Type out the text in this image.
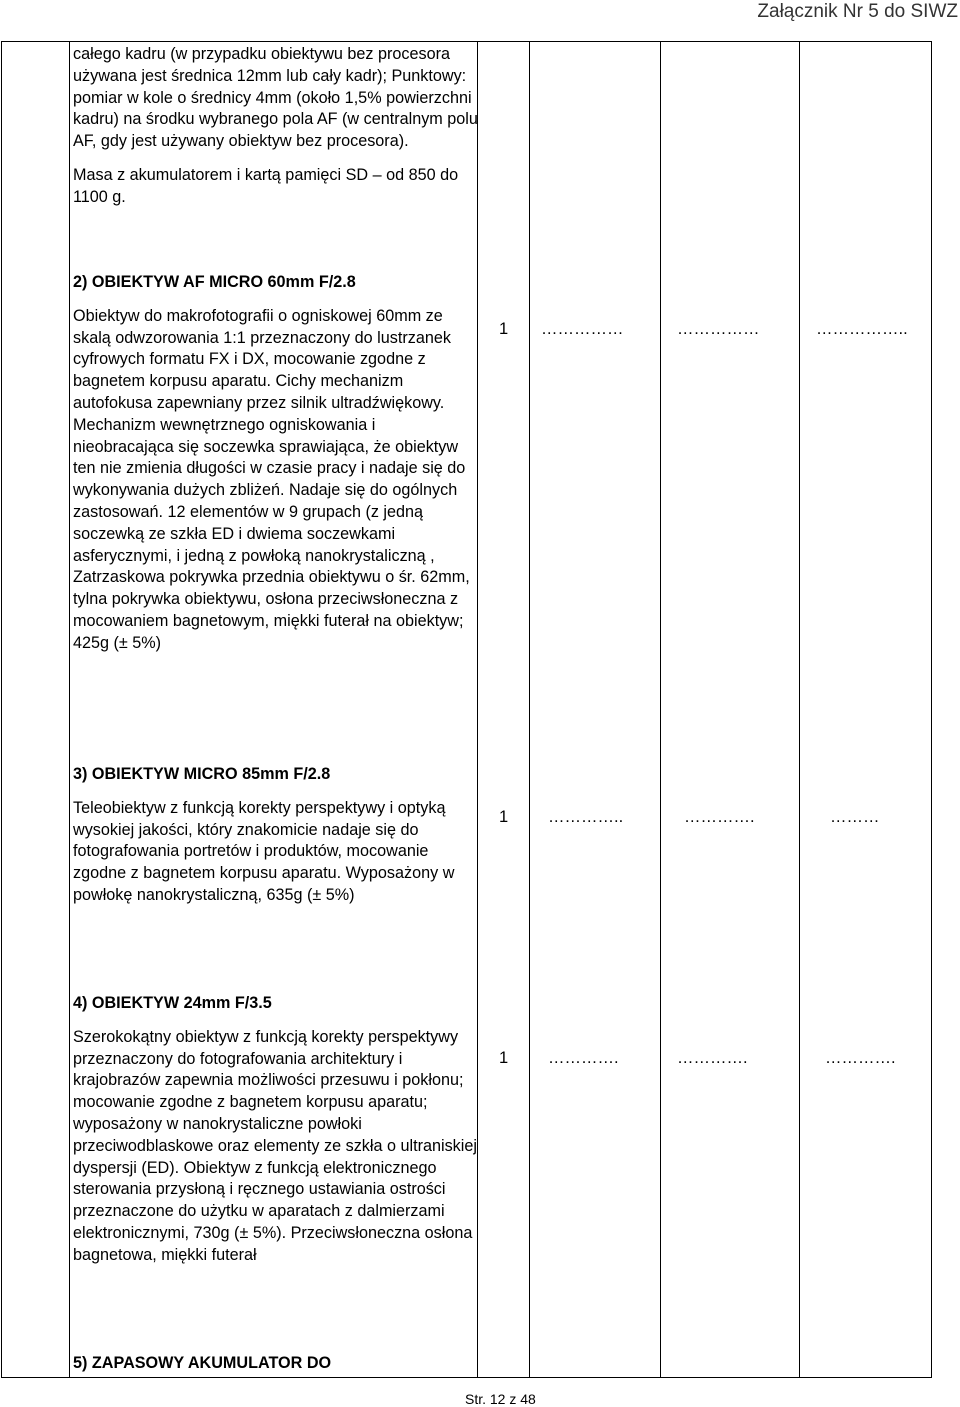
Załącznik Nr 5 do SIWZ

całego kadru (w przypadku obiektywu bez procesora używana jest średnica 12mm lub cały kadr); Punktowy: pomiar w kole o średnicy 4mm (około 1,5% powierzchni kadru) na środku wybranego pola AF (w centralnym polu AF, gdy jest używany obiektyw bez procesora).

Masa z akumulatorem i kartą pamięci SD – od 850 do 1100 g.

2) OBIEKTYW AF MICRO 60mm F/2.8

Obiektyw do makrofotografii o ogniskowej 60mm ze skalą odwzorowania 1:1 przeznaczony do lustrzanek cyfrowych formatu FX i DX, mocowanie zgodne z bagnetem korpusu aparatu. Cichy mechanizm autofokusa zapewniany przez silnik ultradźwiękowy. Mechanizm wewnętrznego ogniskowania i nieobracająca się soczewka sprawiająca, że obiektyw ten nie zmienia długości w czasie pracy i nadaje się do wykonywania dużych zbliżeń. Nadaje się do ogólnych zastosowań. 12 elementów w 9 grupach (z jedną soczewką ze szkła ED i dwiema soczewkami asferycznymi, i jedną z powłoką nanokrystaliczną , Zatrzaskowa pokrywka przednia obiektywu o śr. 62mm, tylna pokrywka obiektywu, osłona przeciwsłoneczna z mocowaniem bagnetowym, miękki futerał na obiektyw; 425g (± 5%)

1 ……………	……………	……………..

3) OBIEKTYW MICRO 85mm F/2.8

Teleobiektyw z funkcją korekty perspektywy i optyką wysokiej jakości, który znakomicie nadaje się do fotografowania portretów i produktów, mocowanie zgodne z bagnetem korpusu aparatu. Wyposażony w powłokę nanokrystaliczną, 635g (± 5%)

1 …………..	………….	………

4) OBIEKTYW 24mm F/3.5

Szerokokątny obiektyw z funkcją korekty perspektywy przeznaczony do fotografowania architektury i krajobrazów zapewnia możliwości przesuwu i pokłonu; mocowanie zgodne z bagnetem korpusu aparatu; wyposażony w nanokrystaliczne powłoki przeciwodblaskowe oraz elementy ze szkła o ultraniskiej dyspersji (ED). Obiektyw z funkcją elektronicznego sterowania przysłoną i ręcznego ustawiania ostrości przeznaczone do użytku w aparatach z dalmierzami elektronicznymi, 730g (± 5%). Przeciwsłoneczna osłona bagnetowa, miękki futerał

1 ………….	………….	………….

5) ZAPASOWY AKUMULATOR DO

Str. 12 z 48
